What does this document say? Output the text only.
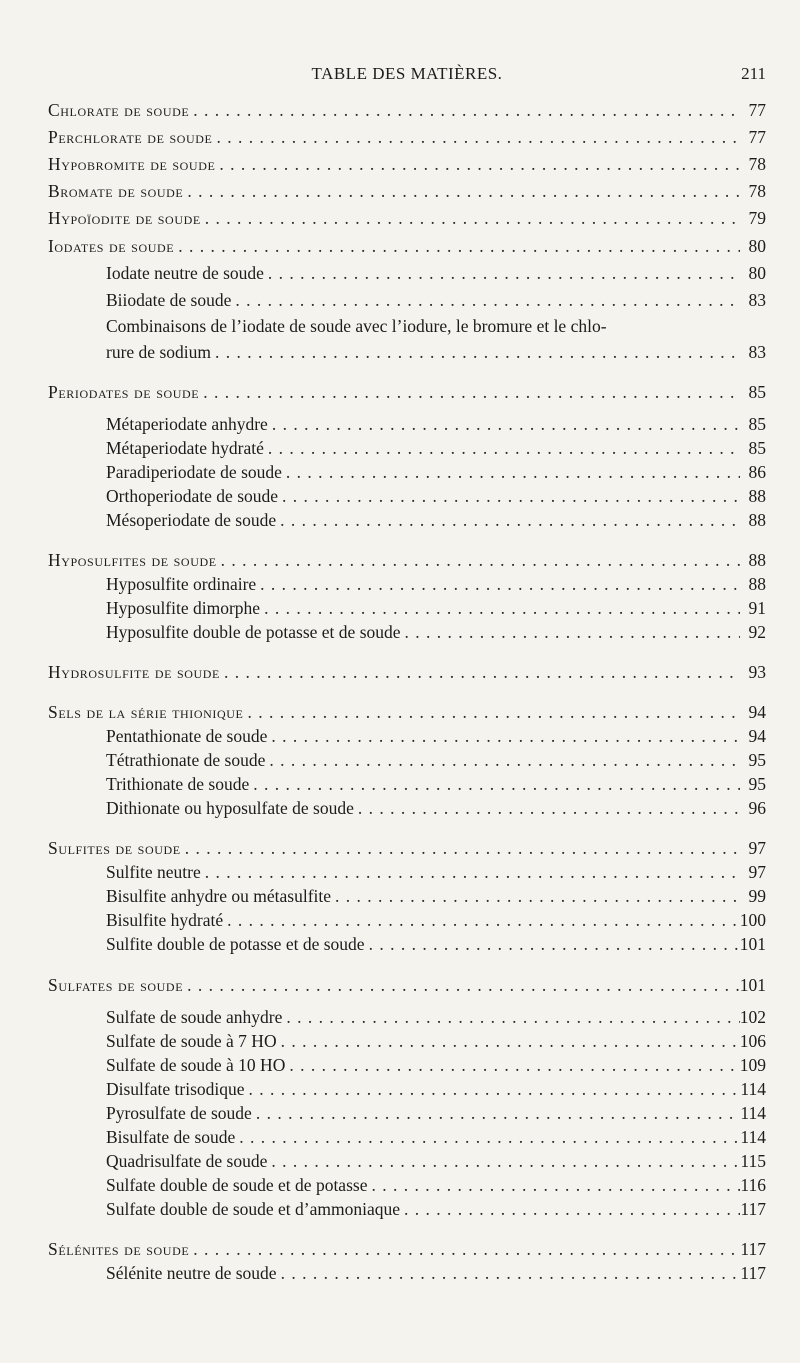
TABLE DES MATIÈRES.	211
Chlorate de soude . . .	77
Perchlorate de soude . . .	77
Hypobromite de soude . . .	78
Bromate de soude . . .	78
Hypoïodite de soude . . .	79
Iodates de soude . . .	80
Iodate neutre de soude . . .	80
Biiodate de soude . . .	83
Combinaisons de l’iodate de soude avec l’iodure, le bromure et le chlo-
rure de sodium . . .	83
Periodates de soude . . .	85
Métaperiodate anhydre . . .	85
Métaperiodate hydraté . . .	85
Paradiperiodate de soude . . .	86
Orthoperiodate de soude . . .	88
Mésoperiodate de soude . . .	88
Hyposulfites de soude . . .	88
Hyposulfite ordinaire . . .	88
Hyposulfite dimorphe . . .	91
Hyposulfite double de potasse et de soude . . .	92
Hydrosulfite de soude . . .	93
Sels de la série thionique . . .	94
Pentathionate de soude . . .	94
Tétrathionate de soude . . .	95
Trithionate de soude . . .	95
Dithionate ou hyposulfate de soude . . .	96
Sulfites de soude . . .	97
Sulfite neutre . . .	97
Bisulfite anhydre ou métasulfite . . .	99
Bisulfite hydraté . . .	100
Sulfite double de potasse et de soude . . .	101
Sulfates de soude . . .	101
Sulfate de soude anhydre . . .	102
Sulfate de soude à 7 HO . . .	106
Sulfate de soude à 10 HO . . .	109
Disulfate trisodique . . .	114
Pyrosulfate de soude . . .	114
Bisulfate de soude . . .	114
Quadrisulfate de soude . . .	115
Sulfate double de soude et de potasse . . .	116
Sulfate double de soude et d’ammoniaque . . .	117
Sélénites de soude . . .	117
Sélénite neutre de soude . . .	117
